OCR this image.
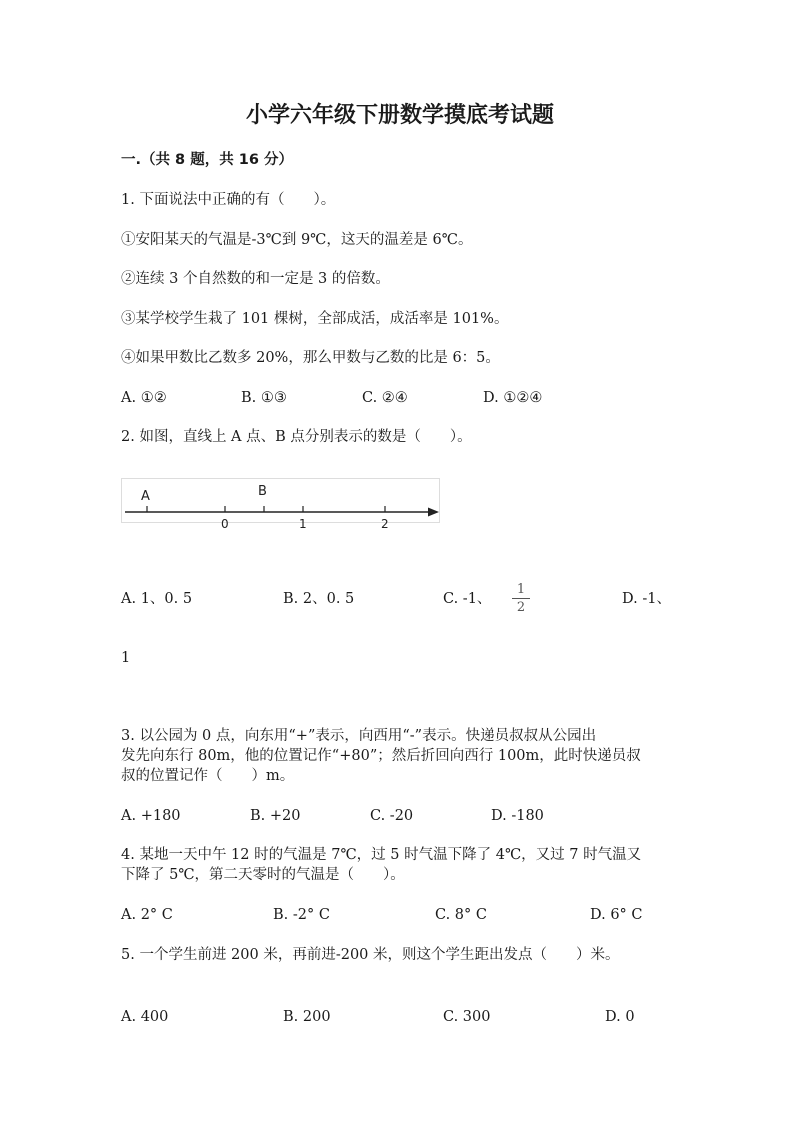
小学六年级下册数学摸底考试题
一.（共 8 题，共 16 分）
1. 下面说法中正确的有（　　）。
①安阳某天的气温是-3℃到 9℃，这天的温差是 6℃。
②连续 3 个自然数的和一定是 3 的倍数。
③某学校学生栽了 101 棵树，全部成活，成活率是 101%。
④如果甲数比乙数多 20%，那么甲数与乙数的比是 6：5。
A. ①②	B. ①③	C. ②④	D. ①②④
2. 如图，直线上 A 点、B 点分别表示的数是（　　）。
A	B
0	1	2
A. 1、0. 5	B. 2、0. 5	C. -1、
1
2
D. -1、
1
3. 以公园为 0 点，向东用“+”表示，向西用“-”表示。快递员叔叔从公园出
发先向东行 80m，他的位置记作“+80”；然后折回向西行 100m，此时快递员叔
叔的位置记作（　　）m。
A. +180	B. +20	C. -20	D. -180
4. 某地一天中午 12 时的气温是 7℃，过 5 时气温下降了 4℃，又过 7 时气温又
下降了 5℃，第二天零时的气温是（　　）。
A. 2° C	B. -2° C	C. 8° C	D. 6° C
5. 一个学生前进 200 米，再前进-200 米，则这个学生距出发点（　　）米。
A. 400	B. 200	C. 300	D. 0
